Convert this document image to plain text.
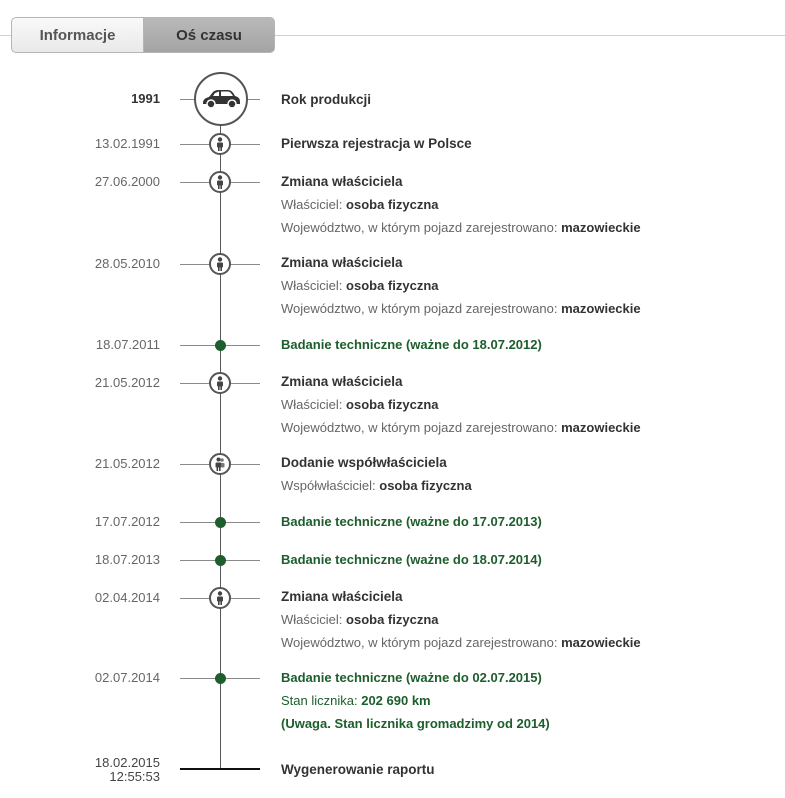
Informacje	Oś czasu
1991	Rok produkcji
13.02.1991	Pierwsza rejestracja w Polsce
27.06.2000	Zmiana właściciela
Właściciel: osoba fizyczna
Województwo, w którym pojazd zarejestrowano: mazowieckie
28.05.2010	Zmiana właściciela
Właściciel: osoba fizyczna
Województwo, w którym pojazd zarejestrowano: mazowieckie
18.07.2011	Badanie techniczne (ważne do 18.07.2012)
21.05.2012	Zmiana właściciela
Właściciel: osoba fizyczna
Województwo, w którym pojazd zarejestrowano: mazowieckie
21.05.2012	Dodanie współwłaściciela
Współwłaściciel: osoba fizyczna
17.07.2012	Badanie techniczne (ważne do 17.07.2013)
18.07.2013	Badanie techniczne (ważne do 18.07.2014)
02.04.2014	Zmiana właściciela
Właściciel: osoba fizyczna
Województwo, w którym pojazd zarejestrowano: mazowieckie
02.07.2014	Badanie techniczne (ważne do 02.07.2015)
Stan licznika: 202 690 km
(Uwaga. Stan licznika gromadzimy od 2014)
18.02.2015
12:55:53	Wygenerowanie raportu
